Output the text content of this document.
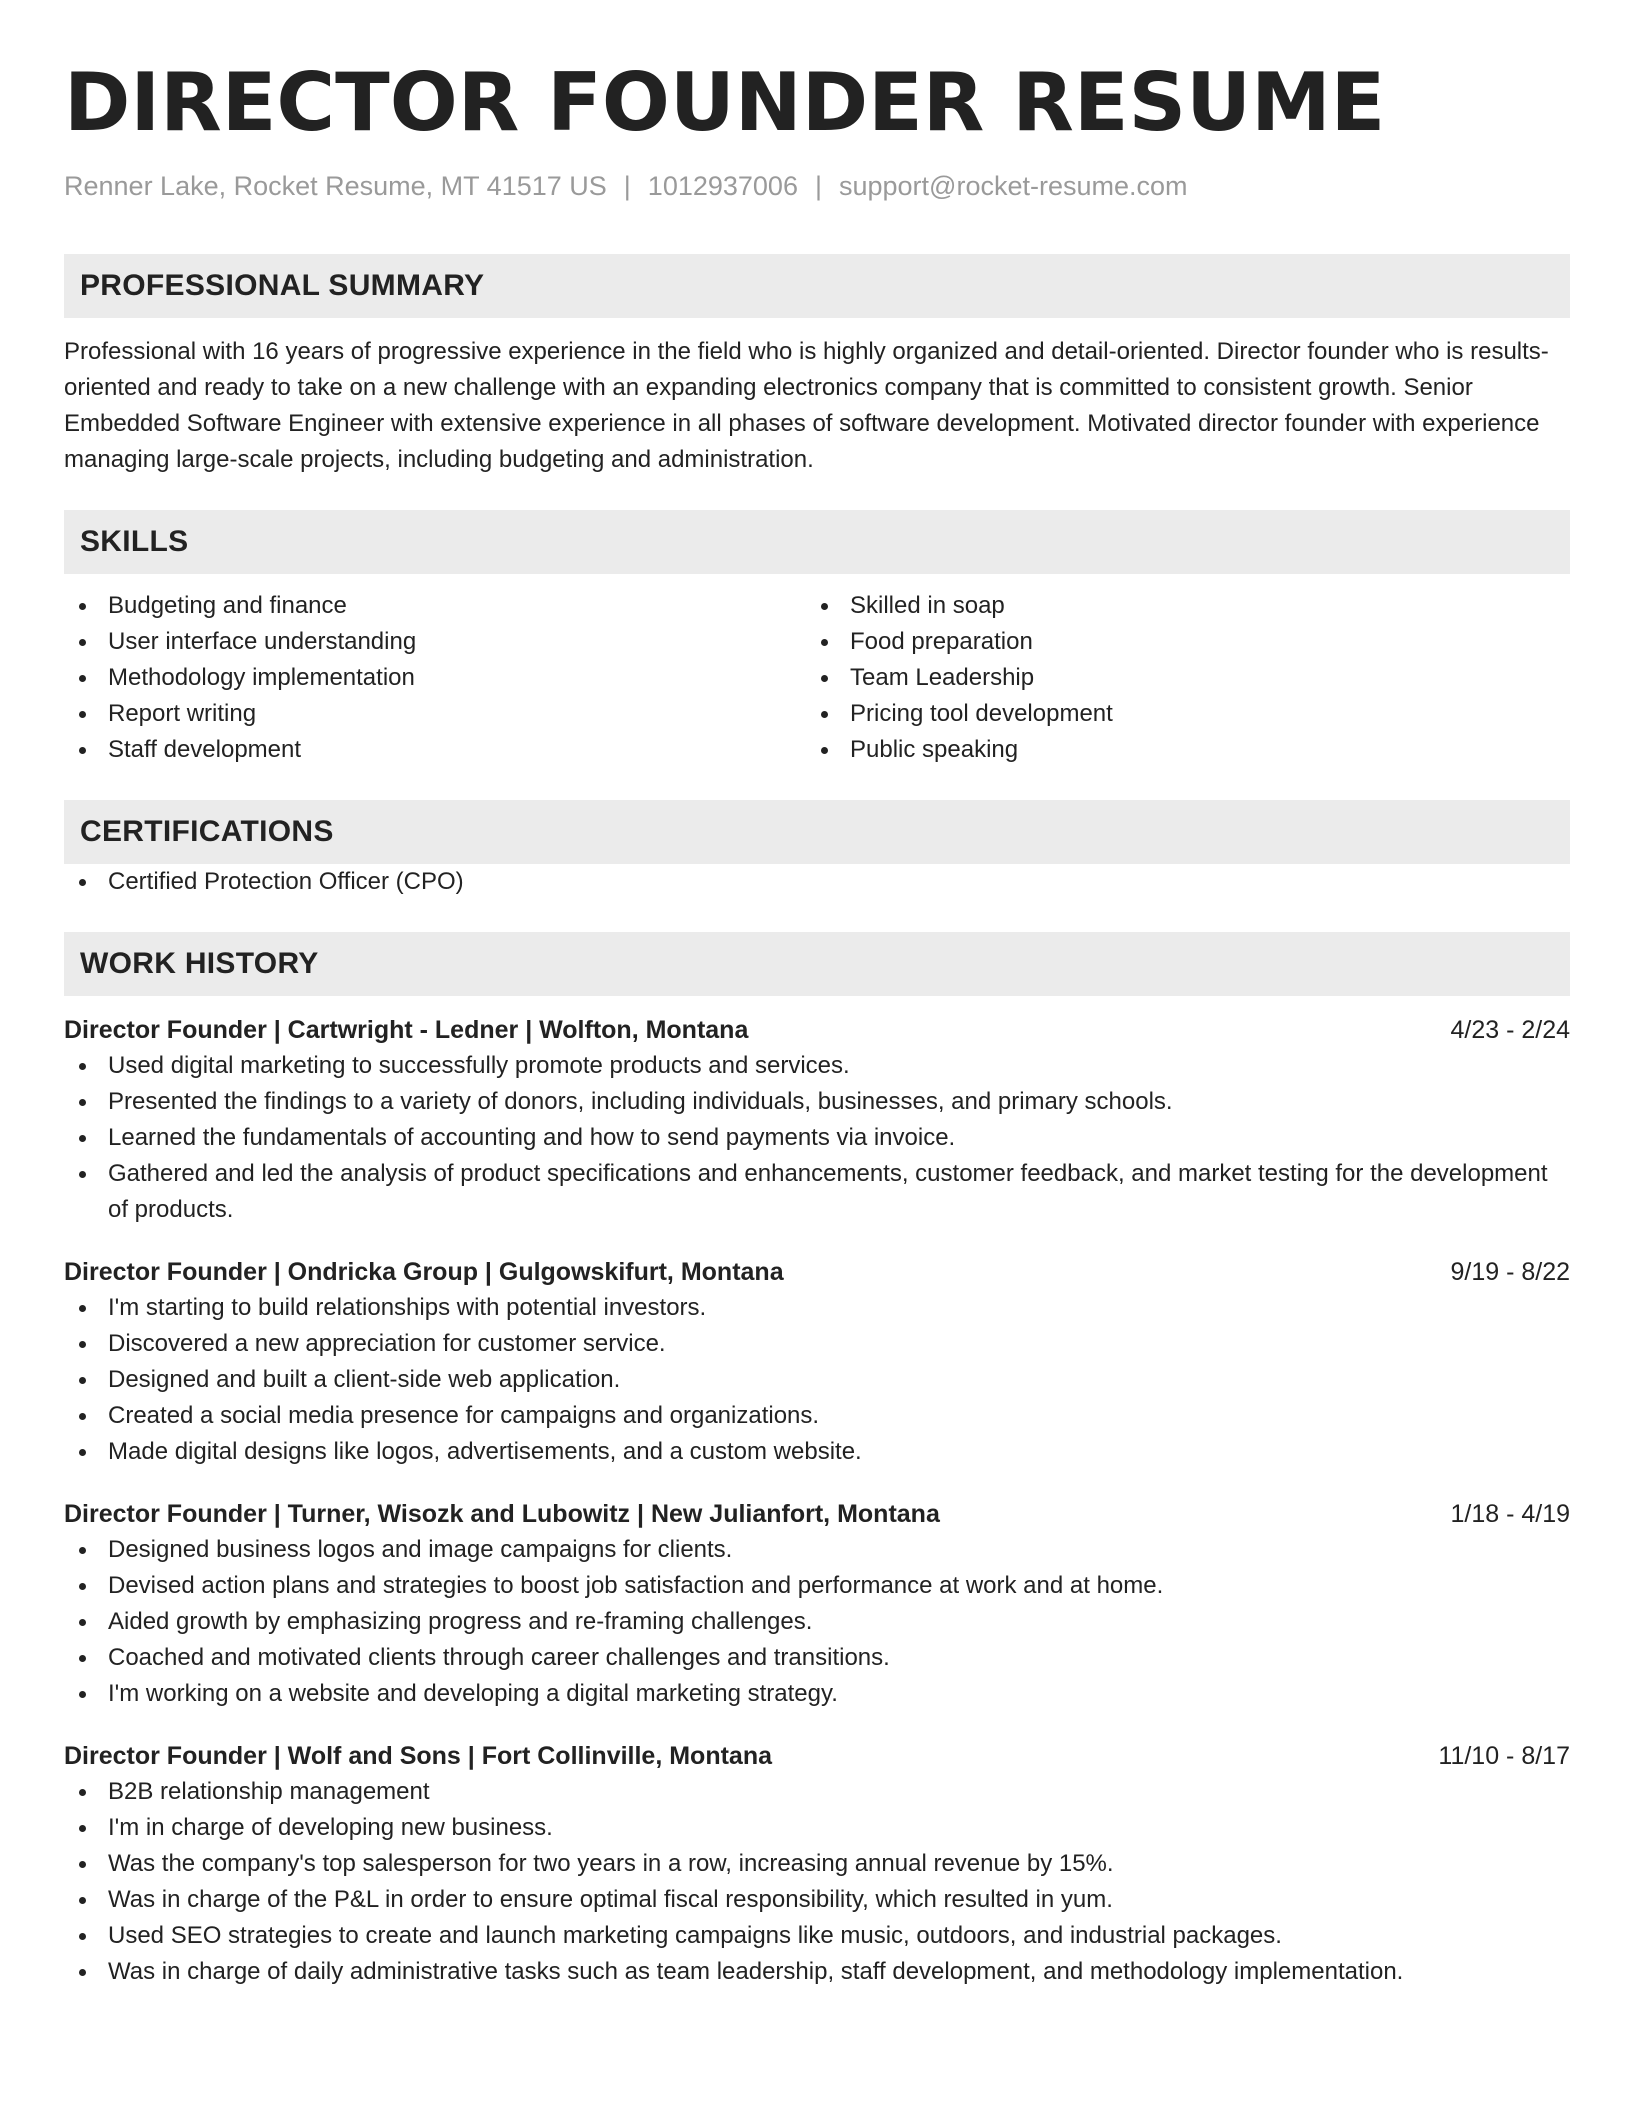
DIRECTOR FOUNDER RESUME
Renner Lake, Rocket Resume, MT 41517 US | 1012937006 | support@rocket-resume.com
PROFESSIONAL SUMMARY
Professional with 16 years of progressive experience in the field who is highly organized and detail-oriented. Director founder who is results-oriented and ready to take on a new challenge with an expanding electronics company that is committed to consistent growth. Senior Embedded Software Engineer with extensive experience in all phases of software development. Motivated director founder with experience managing large-scale projects, including budgeting and administration.
SKILLS
Budgeting and finance
User interface understanding
Methodology implementation
Report writing
Staff development
Skilled in soap
Food preparation
Team Leadership
Pricing tool development
Public speaking
CERTIFICATIONS
Certified Protection Officer (CPO)
WORK HISTORY
Director Founder | Cartwright - Ledner | Wolfton, Montana	4/23 - 2/24
Used digital marketing to successfully promote products and services.
Presented the findings to a variety of donors, including individuals, businesses, and primary schools.
Learned the fundamentals of accounting and how to send payments via invoice.
Gathered and led the analysis of product specifications and enhancements, customer feedback, and market testing for the development of products.
Director Founder | Ondricka Group | Gulgowskifurt, Montana	9/19 - 8/22
I'm starting to build relationships with potential investors.
Discovered a new appreciation for customer service.
Designed and built a client-side web application.
Created a social media presence for campaigns and organizations.
Made digital designs like logos, advertisements, and a custom website.
Director Founder | Turner, Wisozk and Lubowitz | New Julianfort, Montana	1/18 - 4/19
Designed business logos and image campaigns for clients.
Devised action plans and strategies to boost job satisfaction and performance at work and at home.
Aided growth by emphasizing progress and re-framing challenges.
Coached and motivated clients through career challenges and transitions.
I'm working on a website and developing a digital marketing strategy.
Director Founder | Wolf and Sons | Fort Collinville, Montana	11/10 - 8/17
B2B relationship management
I'm in charge of developing new business.
Was the company's top salesperson for two years in a row, increasing annual revenue by 15%.
Was in charge of the P&L in order to ensure optimal fiscal responsibility, which resulted in yum.
Used SEO strategies to create and launch marketing campaigns like music, outdoors, and industrial packages.
Was in charge of daily administrative tasks such as team leadership, staff development, and methodology implementation.
